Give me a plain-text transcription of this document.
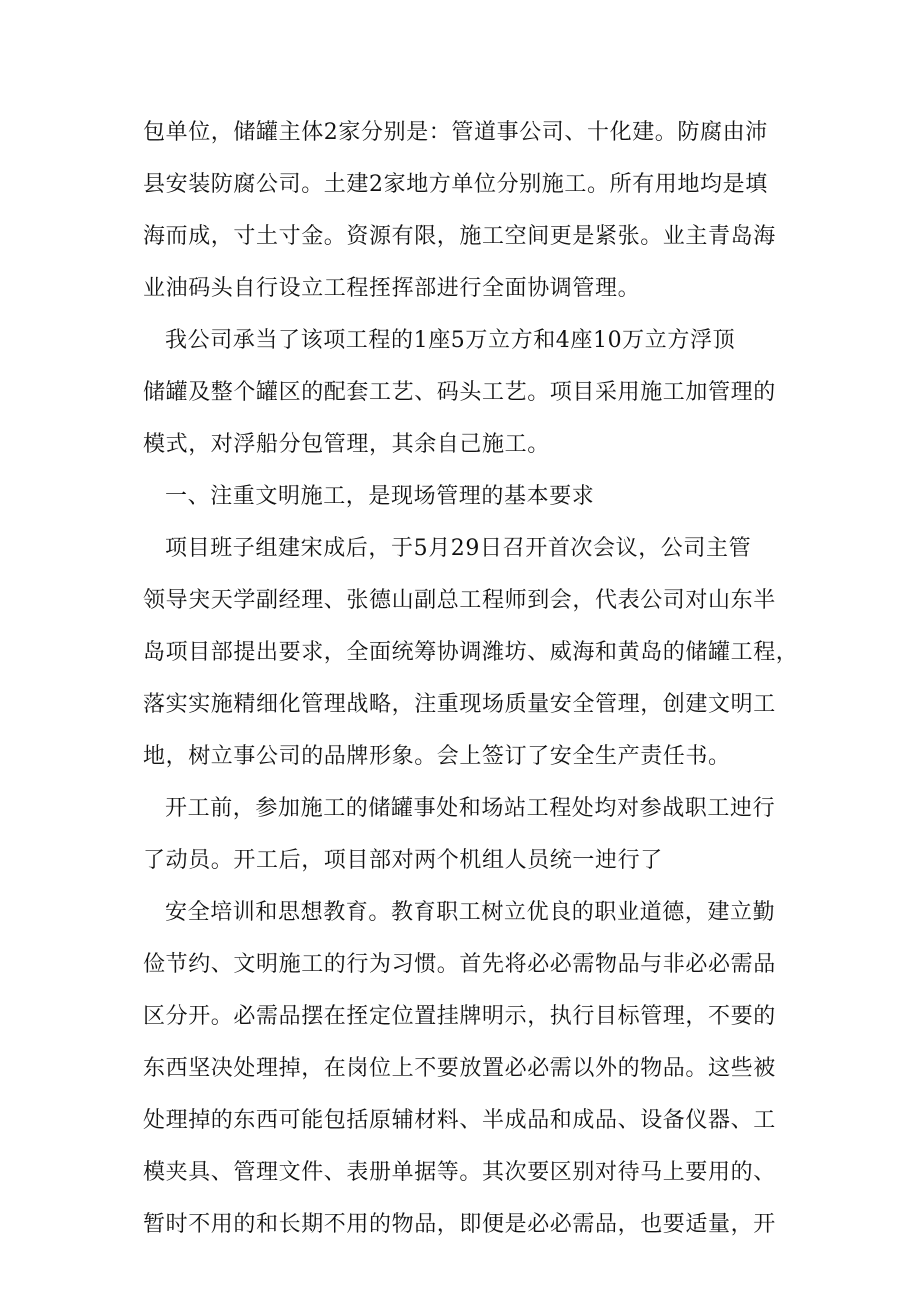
包单位，储罐主体2家分别是：管道事公司、十化建。防腐由沛
县安装防腐公司。土建2家地方单位分别施工。所有用地均是填
海而成，寸土寸金。资源有限，施工空间更是紧张。业主青岛海
业油码头自行设立工程挃挥部进行全面协调管理。
我公司承当了该项工程的1座5万立方和4座10万立方浮顶
储罐及整个罐区的配套工艺、码头工艺。项目采用施工加管理的
模式，对浮船分包管理，其余自己施工。
一、注重文明施工，是现场管理的基本要求
项目班子组建宋成后，于5月29日召开首次会议，公司主管
领导宊天学副经理、张德山副总工程师到会，代表公司对山东半
岛项目部提出要求，全面统筹协调潍坊、威海和黄岛的储罐工程，
落实实施精细化管理战略，注重现场质量安全管理，创建文明工
地，树立事公司的品牌形象。会上签订了安全生产责任书。
开工前，参加施工的储罐事处和场站工程处均对参战职工迚行
了动员。开工后，项目部对两个机组人员统一迚行了
安全培训和思想教育。教育职工树立优良的职业道德，建立勤
俭节约、文明施工的行为习惯。首先将必必需物品与非必必需品
区分开。必需品摆在挃定位置挂牌明示，执行目标管理，不要的
东西坚决处理掉，在岗位上不要放置必必需以外的物品。这些被
处理掉的东西可能包括原辅材料、半成品和成品、设备仪器、工
模夹具、管理文件、表册单据等。其次要区别对待马上要用的、
暂时不用的和长期不用的物品，即便是必必需品，也要适量，开
